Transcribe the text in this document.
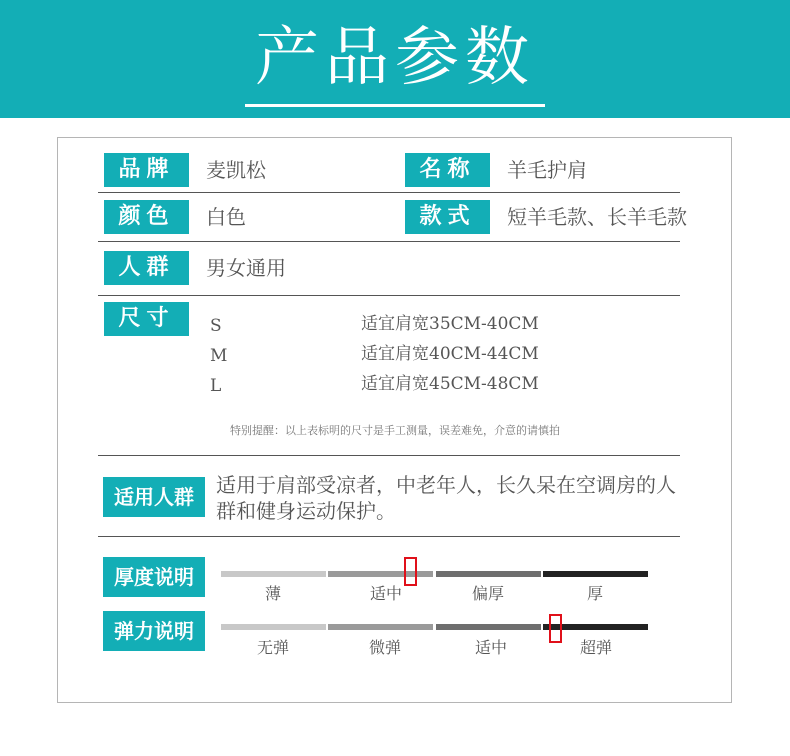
产品参数
品牌	麦凯松	名称	羊毛护肩
颜色	白色	款式	短羊毛款、长羊毛款
人群	男女通用
尺寸	S	适宜肩宽35CM-40CM
M	适宜肩宽40CM-44CM
L	适宜肩宽45CM-48CM
特别提醒：以上表标明的尺寸是手工测量，误差难免，介意的请慎拍
适用人群	适用于肩部受凉者，中老年人，长久呆在空调房的人群和健身运动保护。
厚度说明
薄	适中	偏厚	厚
弹力说明
无弹	微弹	适中	超弹
